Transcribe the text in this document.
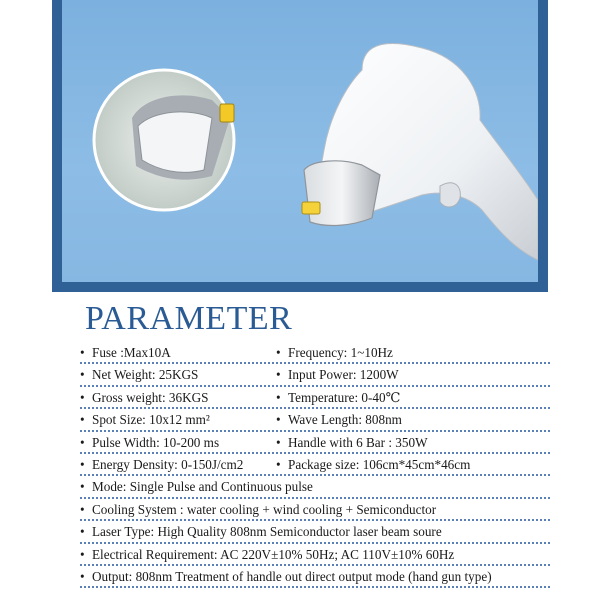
PARAMETER
• Fuse :Max10A	• Frequency: 1~10Hz
• Net Weight: 25KGS	• Input Power: 1200W
• Gross weight: 36KGS	• Temperature: 0-40℃
• Spot Size: 10x12 mm²	• Wave Length: 808nm
• Pulse Width: 10-200 ms	• Handle with 6 Bar : 350W
• Energy Density: 0-150J/cm2 • Package size: 106cm*45cm*46cm
• Mode: Single Pulse and Continuous pulse
• Cooling System : water cooling + wind cooling + Semiconductor
• Laser Type: High Quality 808nm Semiconductor laser beam soure
• Electrical Requirement: AC 220V±10% 50Hz; AC 110V±10% 60Hz
• Output: 808nm Treatment of handle out direct output mode (hand gun type)
